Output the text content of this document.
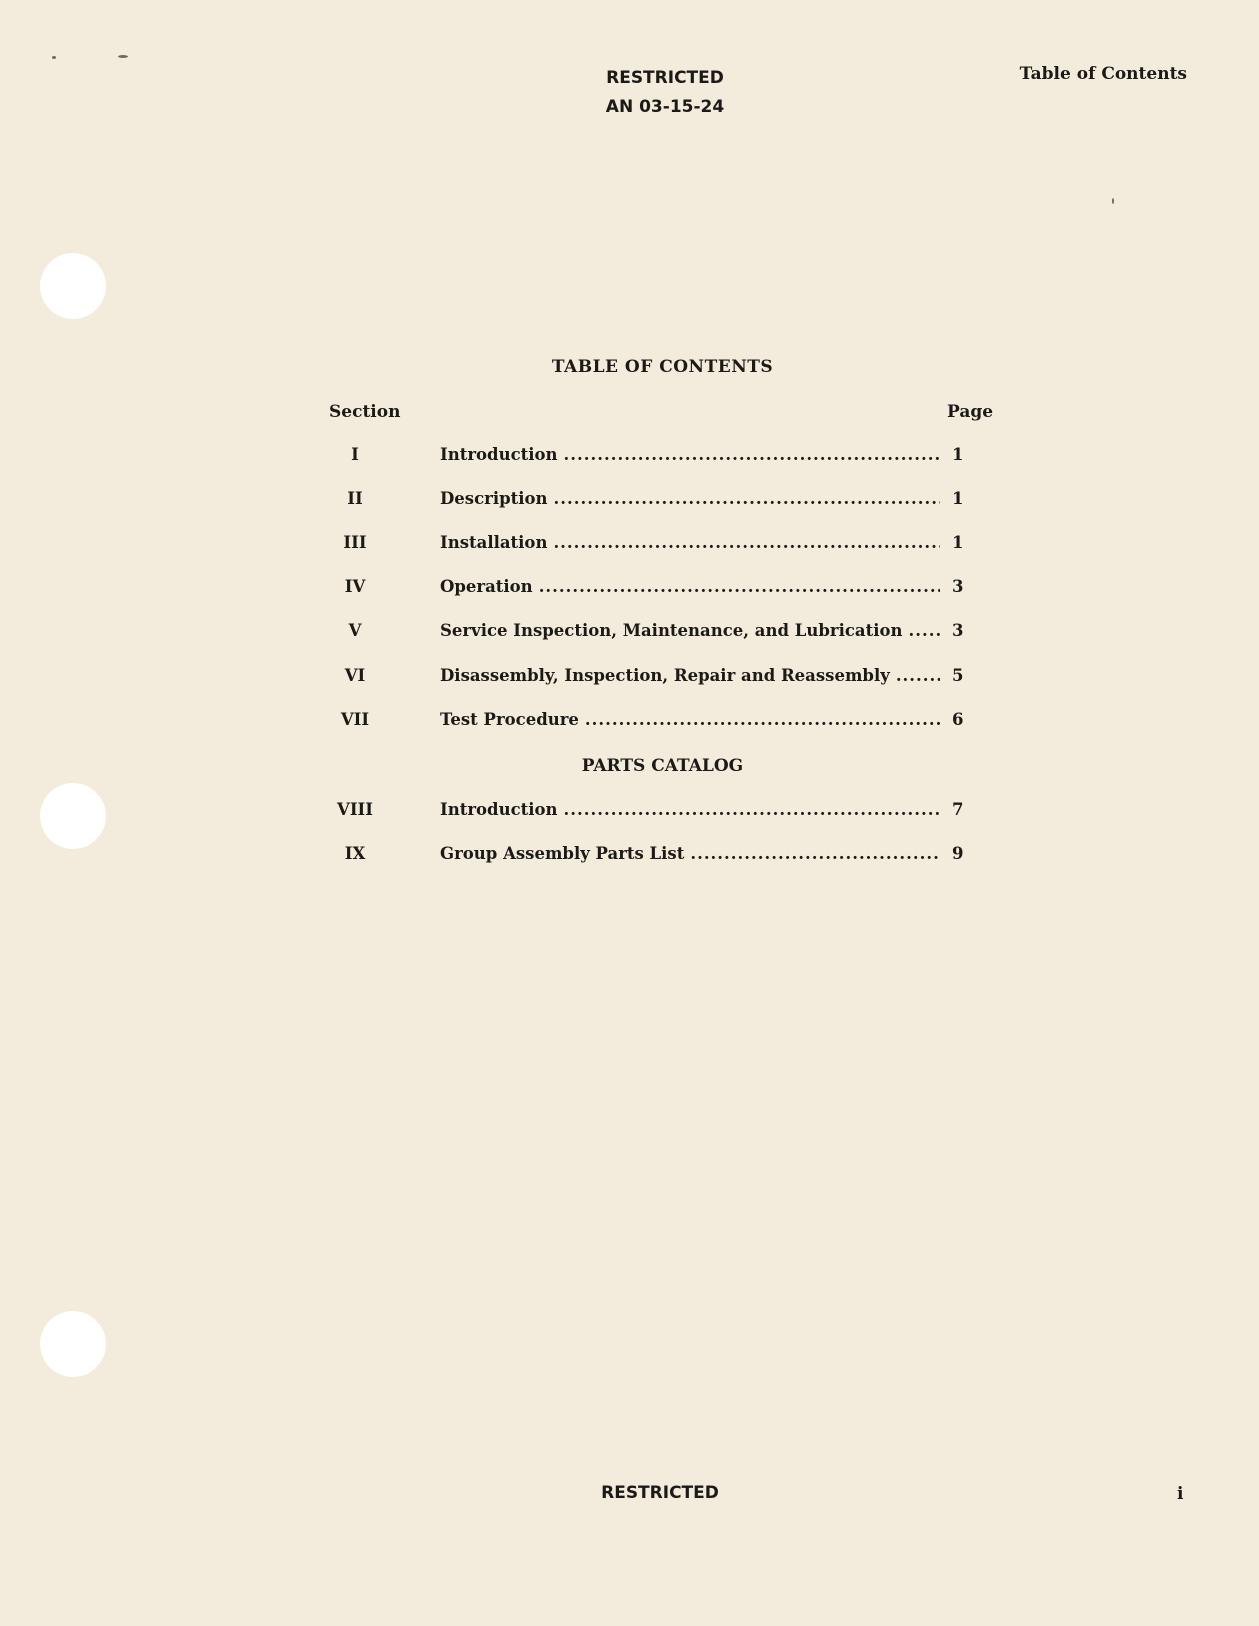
RESTRICTED
AN 03-15-24
Table of Contents
TABLE OF CONTENTS
Section	Page
I	Introduction .....	1
II	Description .....	1
III	Installation .....	1
IV	Operation .....	3
V	Service Inspection, Maintenance, and Lubrication .....	3
VI	Disassembly, Inspection, Repair and Reassembly .....	5
VII	Test Procedure .....	6
PARTS CATALOG
VIII	Introduction .....	7
IX	Group Assembly Parts List .....	9
RESTRICTED	i
